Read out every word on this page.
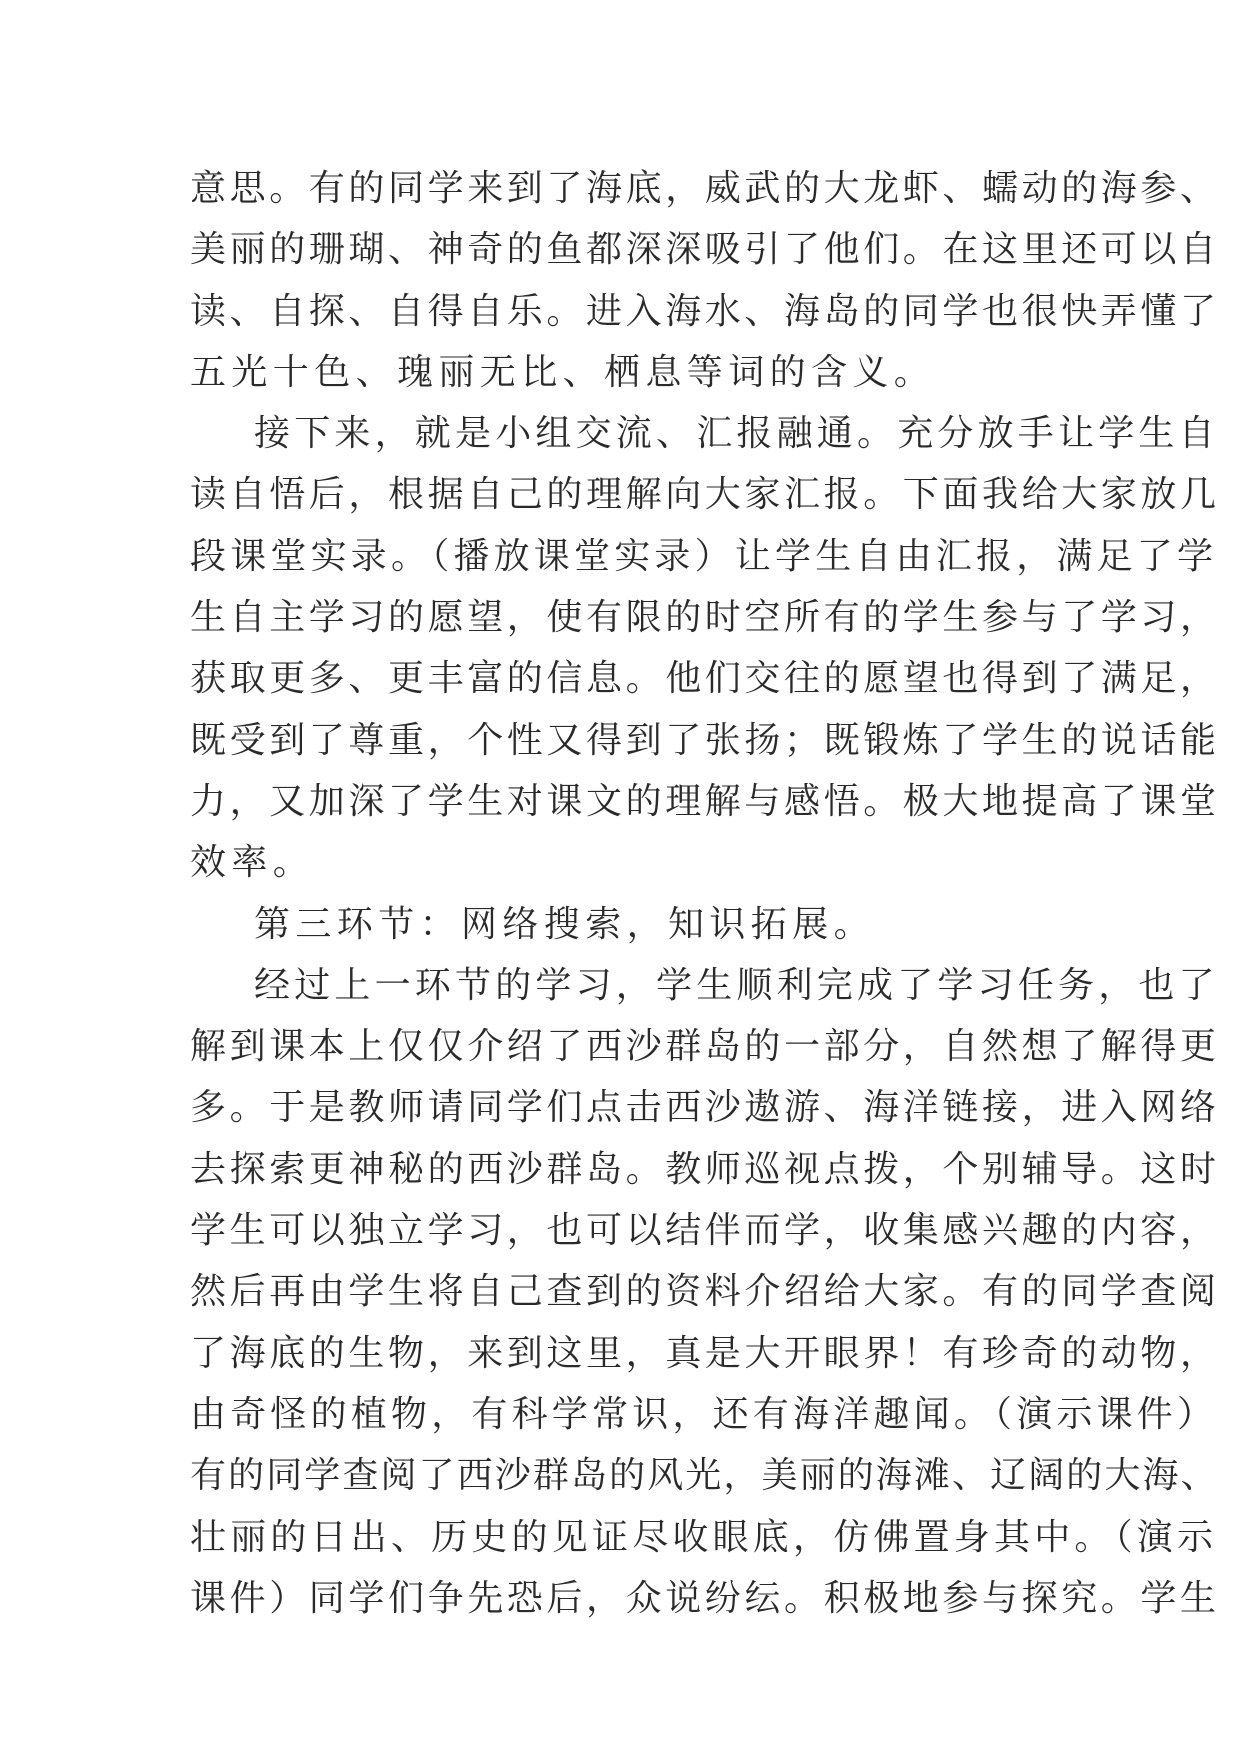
意思。有的同学来到了海底，威武的大龙虾、蠕动的海参、
美丽的珊瑚、神奇的鱼都深深吸引了他们。在这里还可以自
读、自探、自得自乐。进入海水、海岛的同学也很快弄懂了
五光十色、瑰丽无比、栖息等词的含义。
接下来，就是小组交流、汇报融通。充分放手让学生自
读自悟后，根据自己的理解向大家汇报。下面我给大家放几
段课堂实录。（播放课堂实录）让学生自由汇报，满足了学
生自主学习的愿望，使有限的时空所有的学生参与了学习，
获取更多、更丰富的信息。他们交往的愿望也得到了满足，
既受到了尊重，个性又得到了张扬；既锻炼了学生的说话能
力，又加深了学生对课文的理解与感悟。极大地提高了课堂
效率。
第三环节：网络搜索，知识拓展。
经过上一环节的学习，学生顺利完成了学习任务，也了
解到课本上仅仅介绍了西沙群岛的一部分，自然想了解得更
多。于是教师请同学们点击西沙遨游、海洋链接，进入网络
去探索更神秘的西沙群岛。教师巡视点拨，个别辅导。这时
学生可以独立学习，也可以结伴而学，收集感兴趣的内容，
然后再由学生将自己查到的资料介绍给大家。有的同学查阅
了海底的生物，来到这里，真是大开眼界！有珍奇的动物，
由奇怪的植物，有科学常识，还有海洋趣闻。（演示课件）
有的同学查阅了西沙群岛的风光，美丽的海滩、辽阔的大海、
壮丽的日出、历史的见证尽收眼底，仿佛置身其中。（演示
课件）同学们争先恐后，众说纷纭。积极地参与探究。学生
